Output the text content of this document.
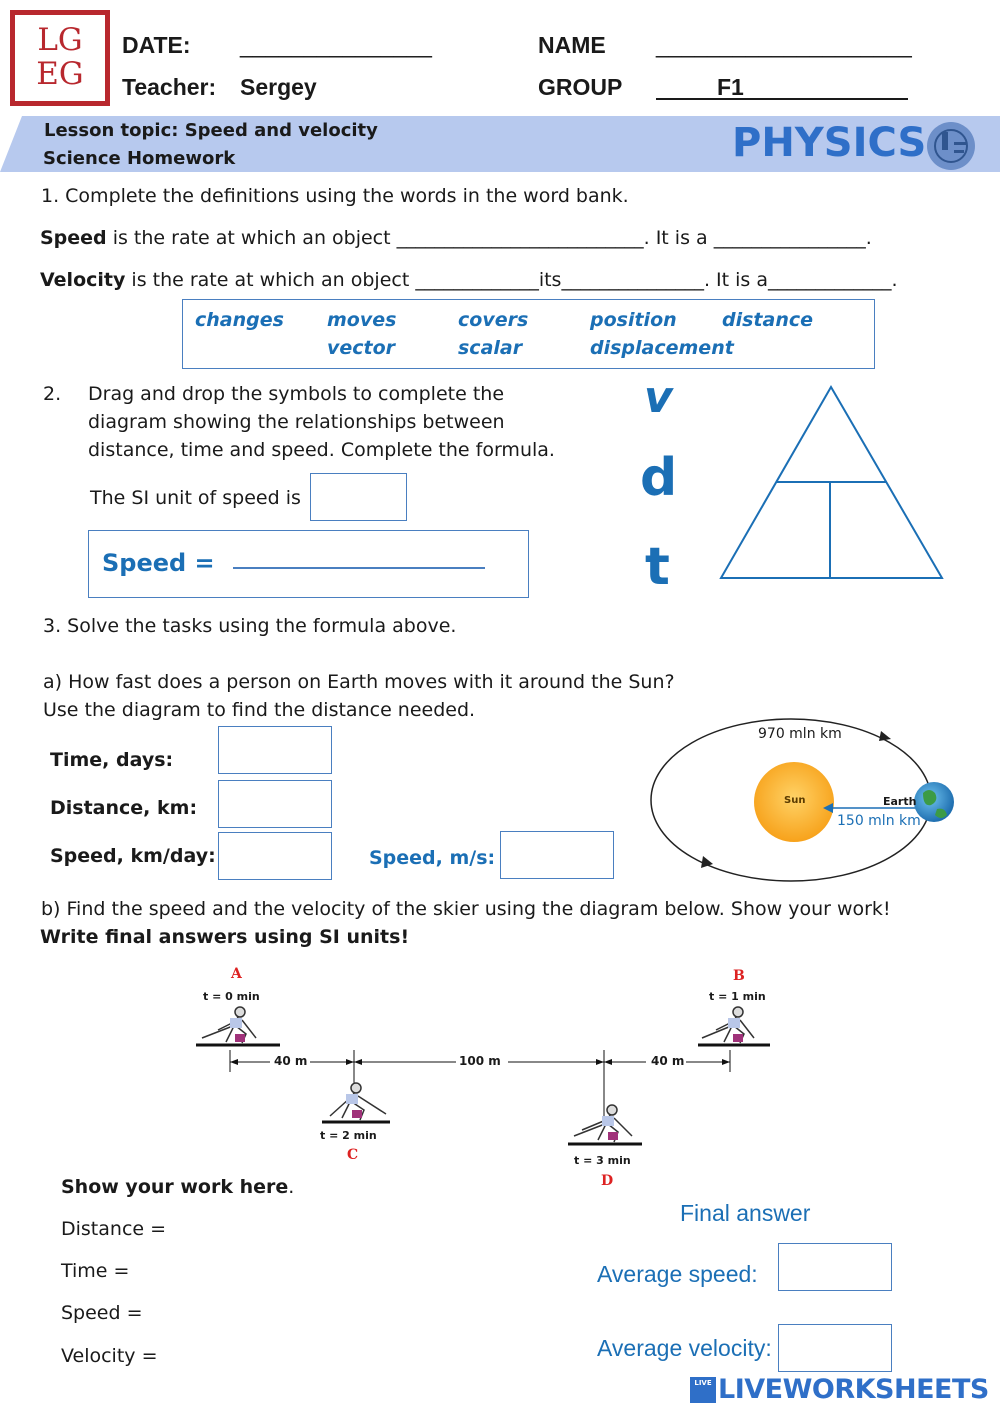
LG
EG
DATE: _______________	NAME ____________________
Teacher: Sergey	GROUP	F1
Lesson topic: Speed and velocity
Science Homework	PHYSICS
1. Complete the definitions using the words in the word bank.
Speed is the rate at which an object __________________________. It is a ________________.
Velocity is the rate at which an object _____________its_______________. It is a_____________.
changes moves	covers	position distance
vector	scalar	displacement
2. Drag and drop the symbols to complete the
diagram showing the relationships between
distance, time and speed. Complete the formula.
The SI unit of speed is
Speed =
v
d
t
3. Solve the tasks using the formula above.
a) How fast does a person on Earth moves with it around the Sun?
Use the diagram to find the distance needed.
Time, days:
Distance, km:
Speed, km/day:	Speed, m/s:
970 mln km
Sun	Earth
150 mln km
b) Find the speed and the velocity of the skier using the diagram below. Show your work!
Write final answers using SI units!
A
t = 0 min
B
t = 1 min
t = 2 min
C	t = 3 min
D
40 m	100 m	40 m
Show your work here.
Distance =
Time =
Speed =
Velocity =
Final answer
Average speed:
Average velocity:
LIVE LIVEWORKSHEETS
